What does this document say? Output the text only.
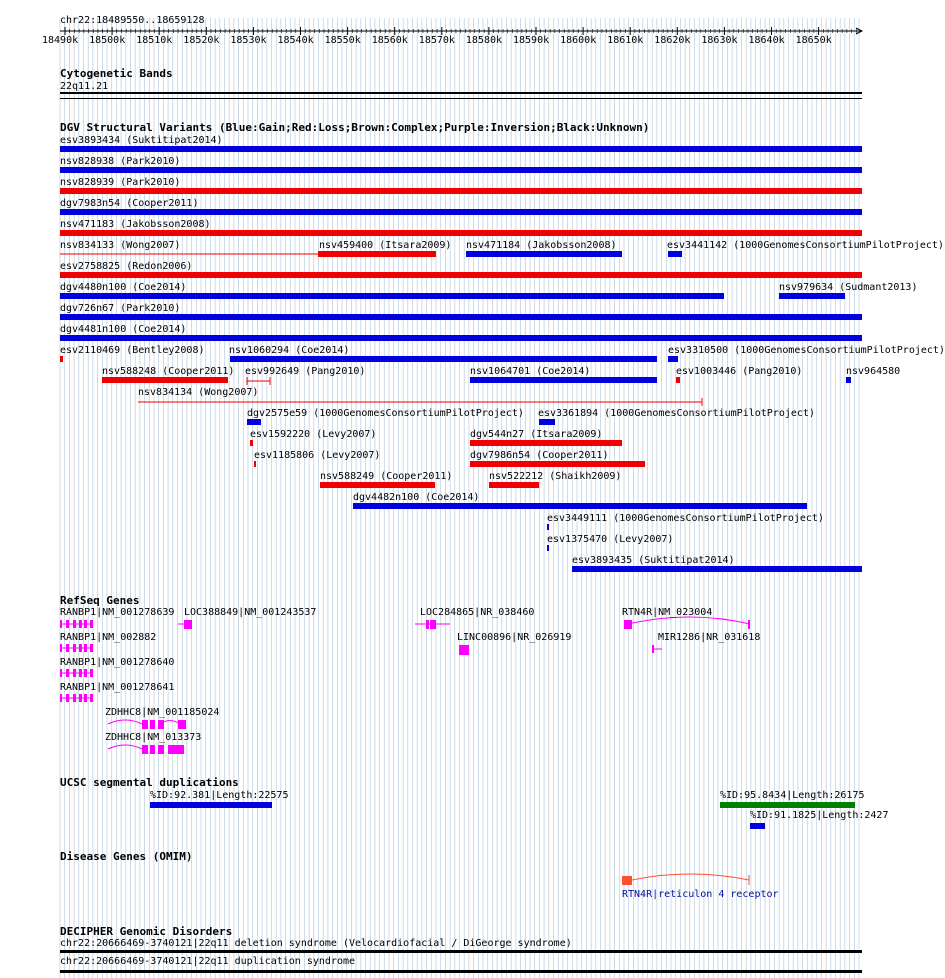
chr22:18489550..18659128
18490k 18500k 18510k 18520k 18530k 18540k 18550k 18560k 18570k 18580k 18590k 18600k 18610k 18620k 18630k 18640k 18650k
Cytogenetic Bands
22q11.21
DGV Structural Variants (Blue:Gain;Red:Loss;Brown:Complex;Purple:Inversion;Black:Unknown)
esv3893434 (Suktitipat2014)
nsv828938 (Park2010)
nsv828939 (Park2010)
dgv7983n54 (Cooper2011)
nsv471183 (Jakobsson2008)
nsv834133 (Wong2007)	nsv459400 (Itsara2009) nsv471184 (Jakobsson2008)	esv3441142 (1000GenomesConsortiumPilotProject)
esv2758825 (Redon2006)
dgv4480n100 (Coe2014)	nsv979634 (Sudmant2013)
dgv726n67 (Park2010)
dgv4481n100 (Coe2014)
esv2110469 (Bentley2008) nsv1060294 (Coe2014)	esv3310500 (1000GenomesConsortiumPilotProject)
nsv588248 (Cooper2011) esv992649 (Pang2010)	nsv1064701 (Coe2014)	esv1003446 (Pang2010)	nsv964580
nsv834134 (Wong2007)
dgv2575e59 (1000GenomesConsortiumPilotProject) esv3361894 (1000GenomesConsortiumPilotProject)
esv1592220 (Levy2007)	dgv544n27 (Itsara2009)
esv1185806 (Levy2007)	dgv7986n54 (Cooper2011)
nsv588249 (Cooper2011)	nsv522212 (Shaikh2009)
dgv4482n100 (Coe2014)
esv3449111 (1000GenomesConsortiumPilotProject)
esv1375470 (Levy2007)
esv3893435 (Suktitipat2014)
RefSeq Genes
RANBP1|NM_001278639 LOC388849|NM_001243537	LOC284865|NR_038460	RTN4R|NM_023004
RANBP1|NM_002882	LINC00896|NR_026919	MIR1286|NR_031618
RANBP1|NM_001278640
RANBP1|NM_001278641
ZDHHC8|NM_001185024
ZDHHC8|NM_013373
UCSC segmental duplications
%ID:92.381|Length:22575	%ID:95.8434|Length:26175
%ID:91.1825|Length:2427
Disease Genes (OMIM)
RTN4R|reticulon 4 receptor
DECIPHER Genomic Disorders
chr22:20666469-3740121|22q11 deletion syndrome (Velocardiofacial / DiGeorge syndrome)
chr22:20666469-3740121|22q11 duplication syndrome
